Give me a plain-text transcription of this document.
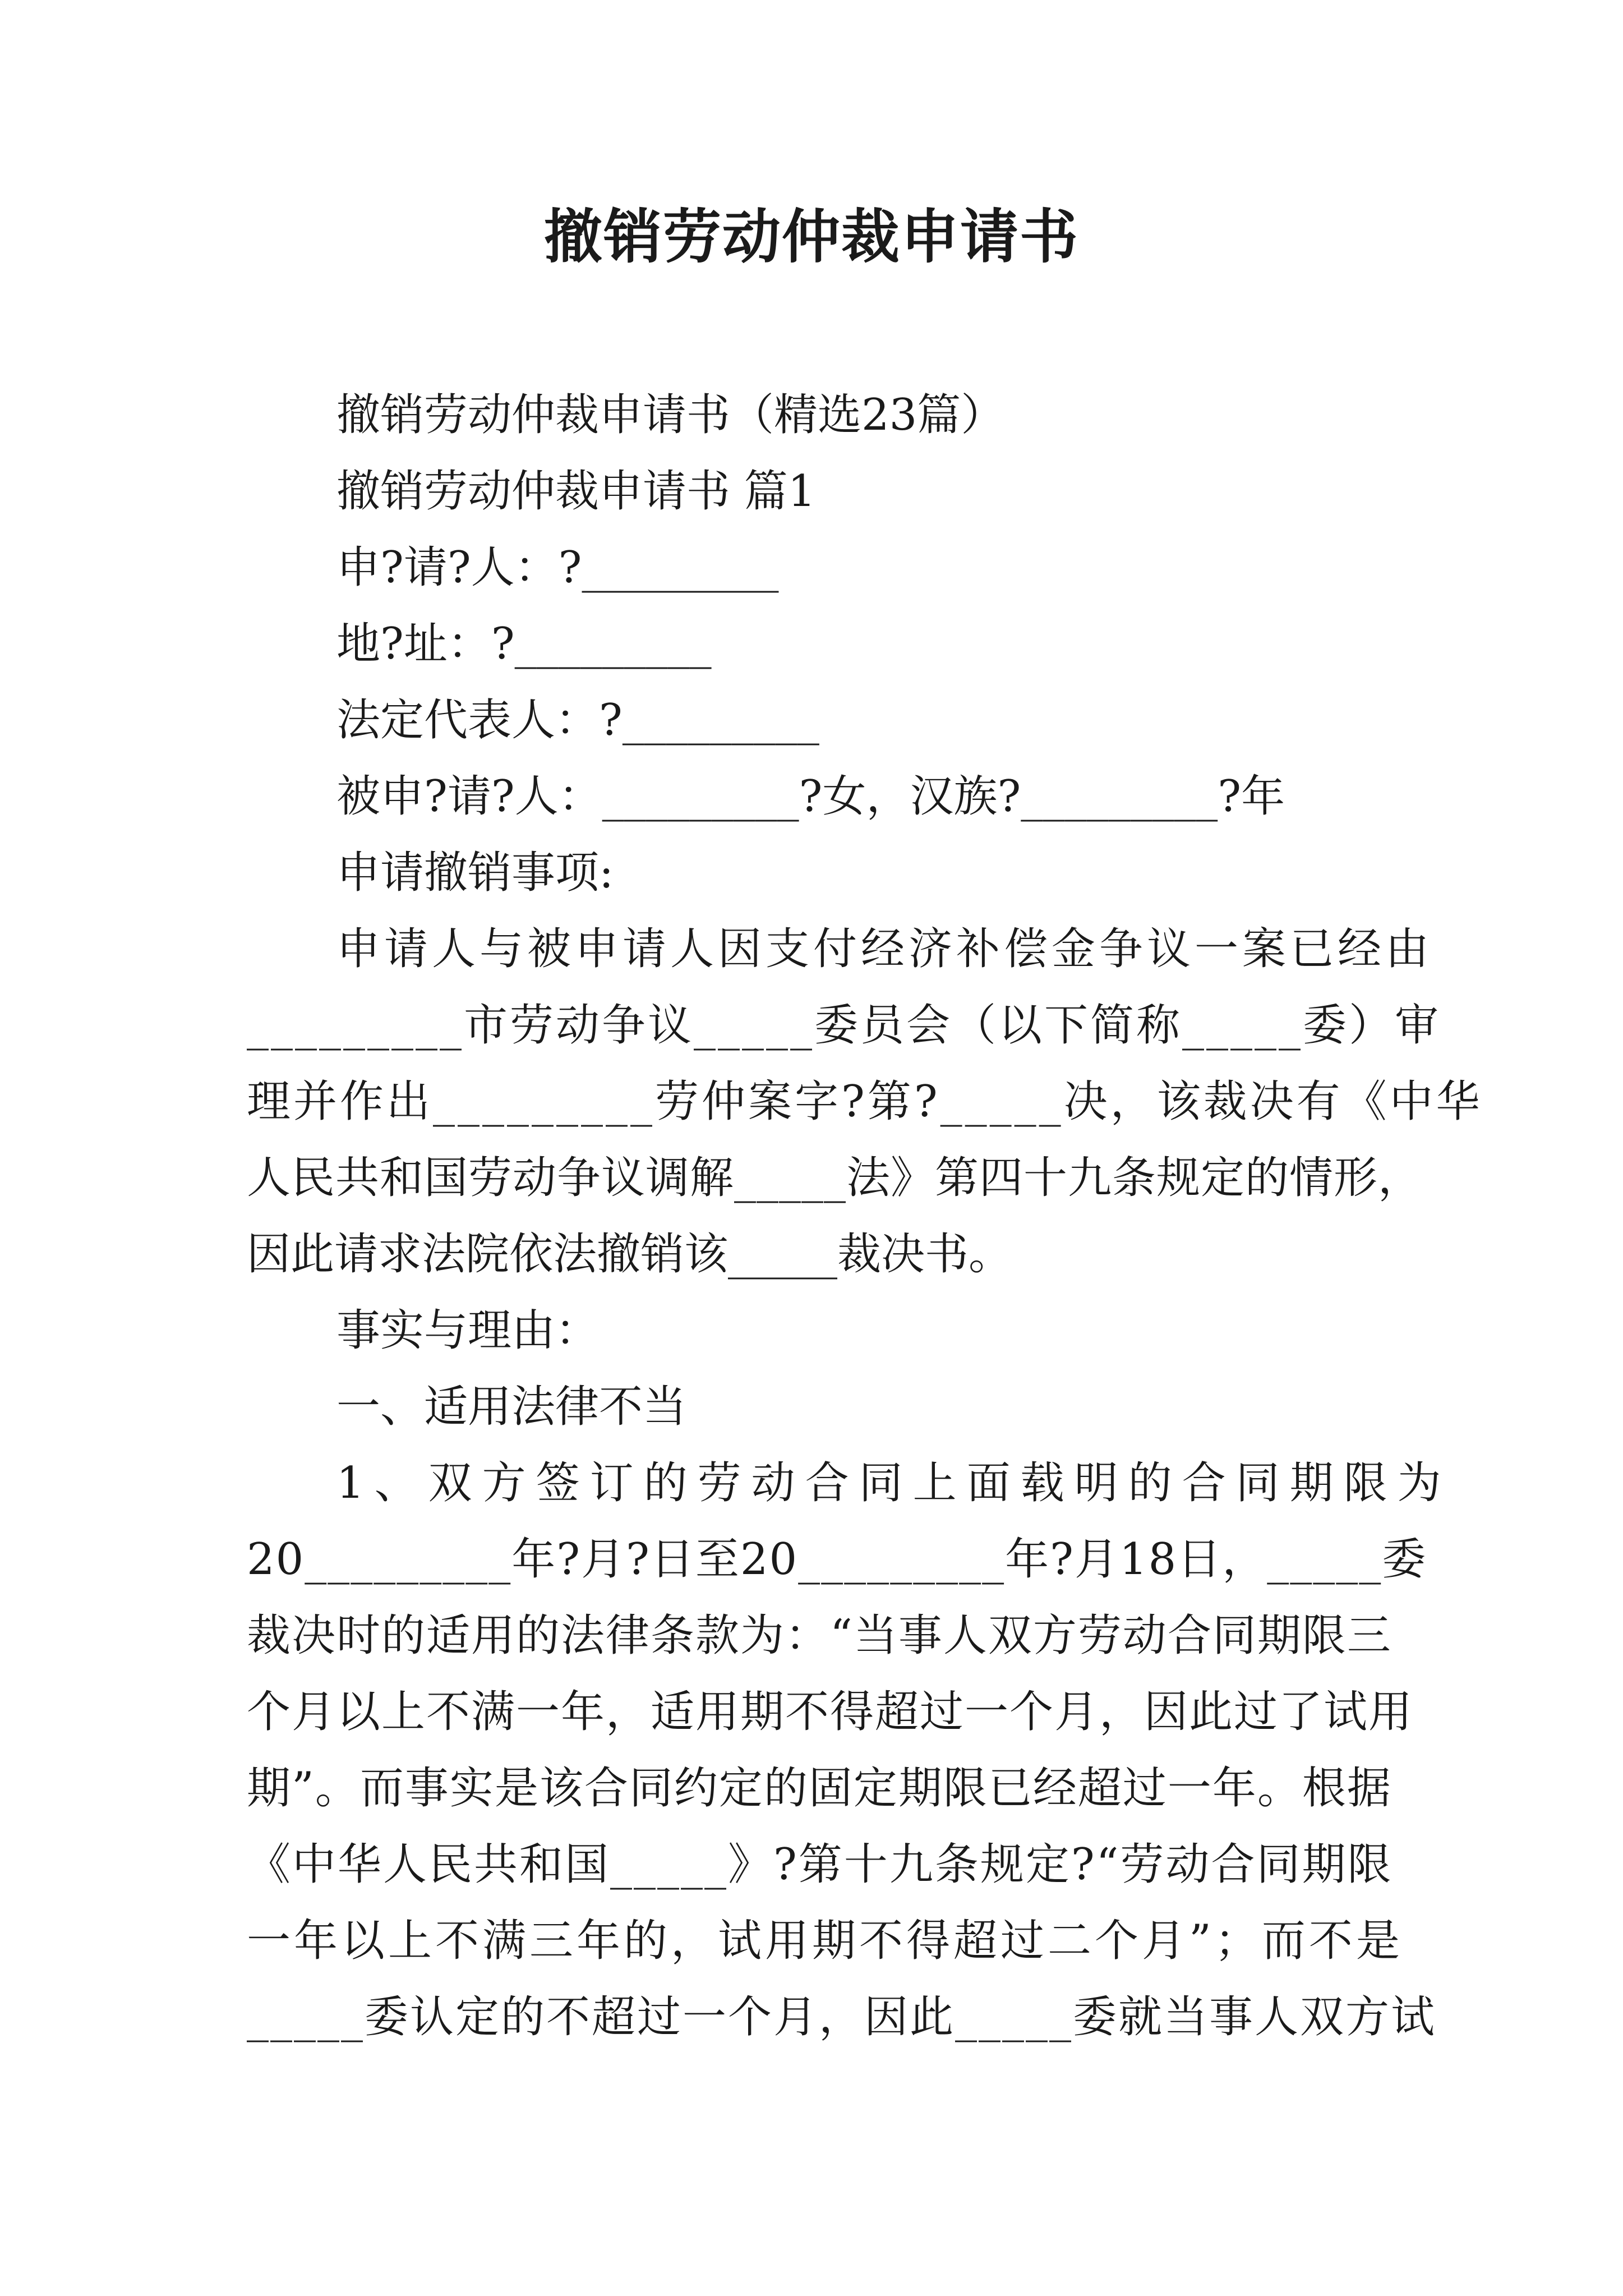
撤销劳动仲裁申请书
撤销劳动仲裁申请书（精选23篇）
撤销劳动仲裁申请书 篇1
申?请?人：?_________
地?址：?_________
法定代表人：?_________
被申?请?人：_________?女，汉族?_________?年
申请撤销事项:
申请人与被申请人因支付经济补偿金争议一案已经由
_________市劳动争议_____委员会（以下简称_____委）审
理并作出_________劳仲案字?第?_____决，该裁决有《中华
人民共和国劳动争议调解_____法》第四十九条规定的情形，
因此请求法院依法撤销该_____裁决书。
事实与理由：
一、适用法律不当
1、双方签订的劳动合同上面载明的合同期限为
20_________年?月?日至20_________年?月18日，_____委
裁决时的适用的法律条款为：“当事人双方劳动合同期限三
个月以上不满一年，适用期不得超过一个月，因此过了试用
期”。而事实是该合同约定的固定期限已经超过一年。根据
《中华人民共和国_____》?第十九条规定?“劳动合同期限
一年以上不满三年的，试用期不得超过二个月”；而不是
_____委认定的不超过一个月，因此_____委就当事人双方试
